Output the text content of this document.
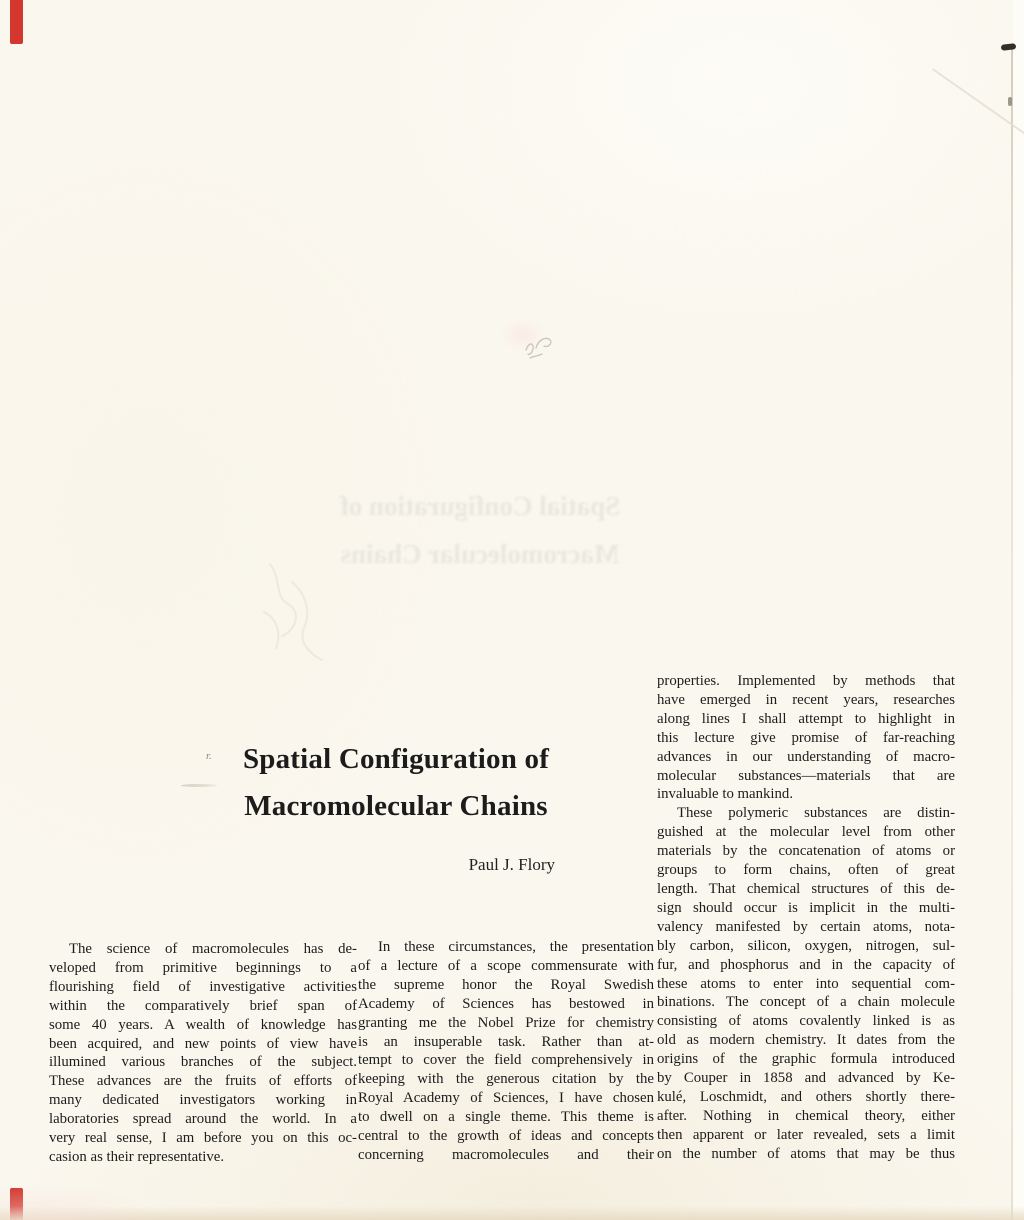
Spatial Configuration of
Macromolecular Chains
r.	Spatial Configuration of
Macromolecular Chains
Paul J. Flory
The science of macromolecules has de-
veloped from primitive beginnings to a
flourishing field of investigative activities
within the comparatively brief span of
some 40 years. A wealth of knowledge has
been acquired, and new points of view have
illumined various branches of the subject.
These advances are the fruits of efforts of
many dedicated investigators working in
laboratories spread around the world. In a
very real sense, I am before you on this oc-
casion as their representative.
In these circumstances, the presentation
of a lecture of a scope commensurate with
the supreme honor the Royal Swedish
Academy of Sciences has bestowed in
granting me the Nobel Prize for chemistry
is an insuperable task. Rather than at-
tempt to cover the field comprehensively in
keeping with the generous citation by the
Royal Academy of Sciences, I have chosen
to dwell on a single theme. This theme is
central to the growth of ideas and concepts
concerning macromolecules and their
properties. Implemented by methods that
have emerged in recent years, researches
along lines I shall attempt to highlight in
this lecture give promise of far-reaching
advances in our understanding of macro-
molecular substances—materials that are
invaluable to mankind.
These polymeric substances are distin-
guished at the molecular level from other
materials by the concatenation of atoms or
groups to form chains, often of great
length. That chemical structures of this de-
sign should occur is implicit in the multi-
valency manifested by certain atoms, nota-
bly carbon, silicon, oxygen, nitrogen, sul-
fur, and phosphorus and in the capacity of
these atoms to enter into sequential com-
binations. The concept of a chain molecule
consisting of atoms covalently linked is as
old as modern chemistry. It dates from the
origins of the graphic formula introduced
by Couper in 1858 and advanced by Ke-
kulé, Loschmidt, and others shortly there-
after. Nothing in chemical theory, either
then apparent or later revealed, sets a limit
on the number of atoms that may be thus
